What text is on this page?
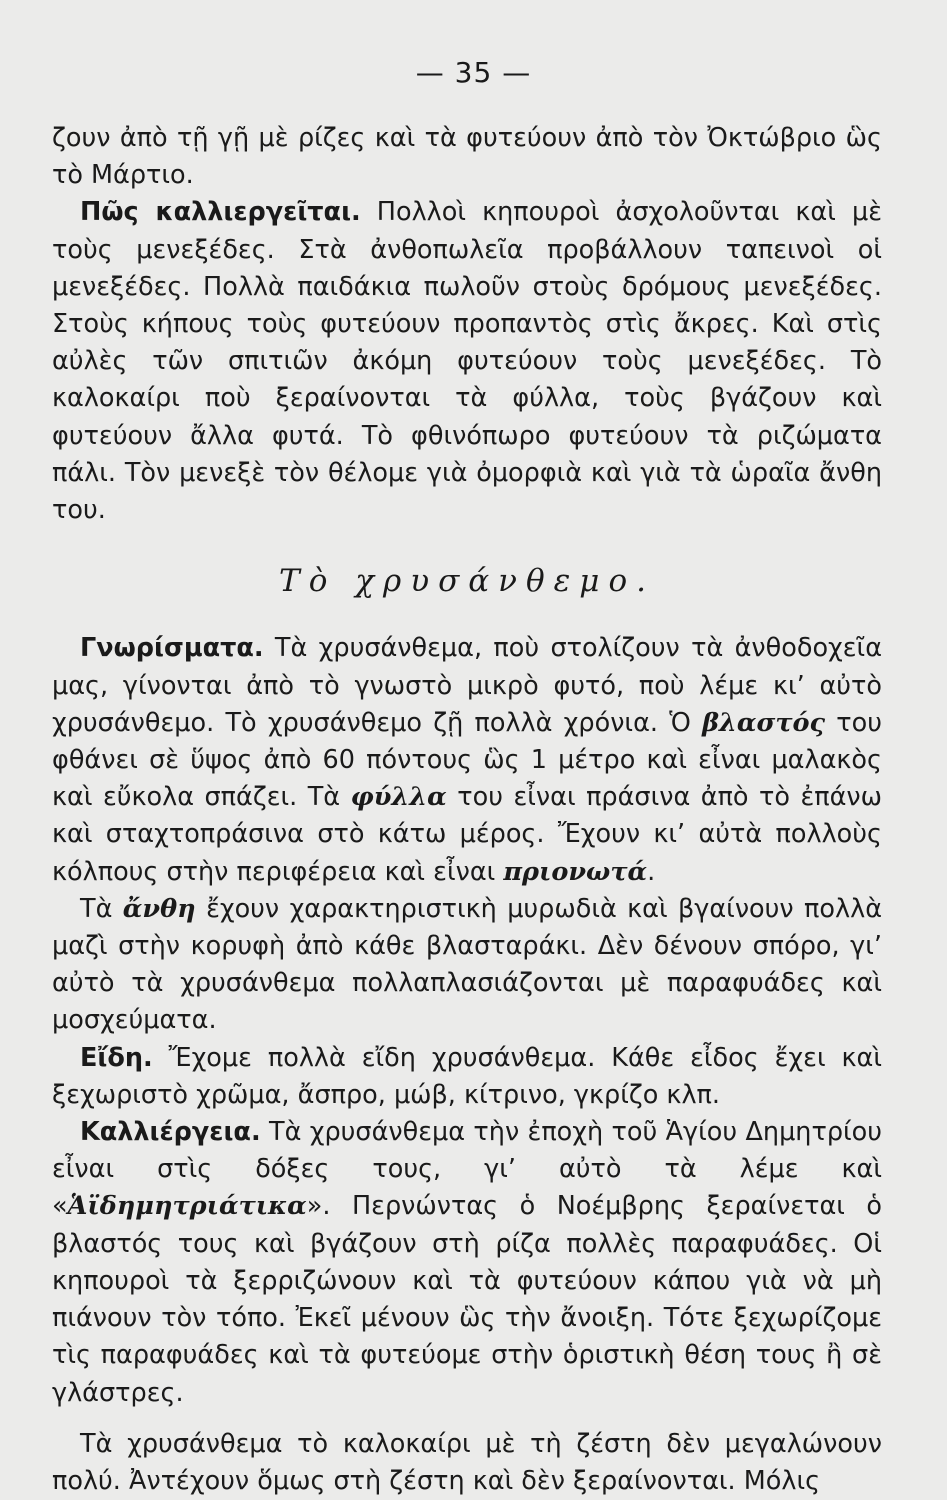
— 35 —

ζουν ἀπὸ τῇ γῇ μὲ ρίζες καὶ τὰ φυτεύουν ἀπὸ τὸν Ὀκτώβριο ὣς τὸ Μάρτιο.

Πῶς καλλιεργεῖται. Πολλοὶ κηπουροὶ ἀσχολοῦνται καὶ μὲ τοὺς μενεξέδες. Στὰ ἀνθοπωλεῖα προβάλλουν ταπεινοὶ οἱ μενεξέδες. Πολλὰ παιδάκια πωλοῦν στοὺς δρόμους μενεξέδες. Στοὺς κήπους τοὺς φυτεύουν προπαντὸς στὶς ἄκρες. Καὶ στὶς αὐλὲς τῶν σπιτιῶν ἀκόμη φυτεύουν τοὺς μενεξέδες. Τὸ καλοκαίρι ποὺ ξεραίνονται τὰ φύλλα, τοὺς βγάζουν καὶ φυτεύουν ἄλλα φυτά. Τὸ φθινόπωρο φυτεύουν τὰ ριζώματα πάλι. Τὸν μενεξὲ τὸν θέλομε γιὰ ὀμορφιὰ καὶ γιὰ τὰ ὡραῖα ἄνθη του.

Τὸ χρυσάνθεμο.

Γνωρίσματα. Τὰ χρυσάνθεμα, ποὺ στολίζουν τὰ ἀνθοδοχεῖα μας, γίνονται ἀπὸ τὸ γνωστὸ μικρὸ φυτό, ποὺ λέμε κι’ αὐτὸ χρυσάνθεμο. Τὸ χρυσάνθεμο ζῇ πολλὰ χρόνια. Ὁ βλαστός του φθάνει σὲ ὕψος ἀπὸ 60 πόντους ὣς 1 μέτρο καὶ εἶναι μαλακὸς καὶ εὔκολα σπάζει. Τὰ φύλλα του εἶναι πράσινα ἀπὸ τὸ ἐπάνω καὶ σταχτοπράσινα στὸ κάτω μέρος. Ἔχουν κι’ αὐτὰ πολλοὺς κόλπους στὴν περιφέρεια καὶ εἶναι πριονωτά.

Τὰ ἄνθη ἔχουν χαρακτηριστικὴ μυρωδιὰ καὶ βγαίνουν πολλὰ μαζὶ στὴν κορυφὴ ἀπὸ κάθε βλασταράκι. Δὲν δένουν σπόρο, γι’ αὐτὸ τὰ χρυσάνθεμα πολλαπλασιάζονται μὲ παραφυάδες καὶ μοσχεύματα.

Εἴδη. Ἔχομε πολλὰ εἴδη χρυσάνθεμα. Κάθε εἶδος ἔχει καὶ ξεχωριστὸ χρῶμα, ἄσπρο, μώβ, κίτρινο, γκρίζο κλπ.

Καλλιέργεια. Τὰ χρυσάνθεμα τὴν ἐποχὴ τοῦ Ἁγίου Δημητρίου εἶναι στὶς δόξες τους, γι’ αὐτὸ τὰ λέμε καὶ «Ἁϊδημητριάτικα». Περνώντας ὁ Νοέμβρης ξεραίνεται ὁ βλαστός τους καὶ βγάζουν στὴ ρίζα πολλὲς παραφυάδες. Οἱ κηπουροὶ τὰ ξερριζώνουν καὶ τὰ φυτεύουν κάπου γιὰ νὰ μὴ πιάνουν τὸν τόπο. Ἐκεῖ μένουν ὣς τὴν ἄνοιξη. Τότε ξεχωρίζομε τὶς παραφυάδες καὶ τὰ φυτεύομε στὴν ὁριστικὴ θέση τους ἢ σὲ γλάστρες.

Τὰ χρυσάνθεμα τὸ καλοκαίρι μὲ τὴ ζέστη δὲν μεγαλώνουν πολύ. Ἀντέχουν ὅμως στὴ ζέστη καὶ δὲν ξεραίνονται. Μόλις
